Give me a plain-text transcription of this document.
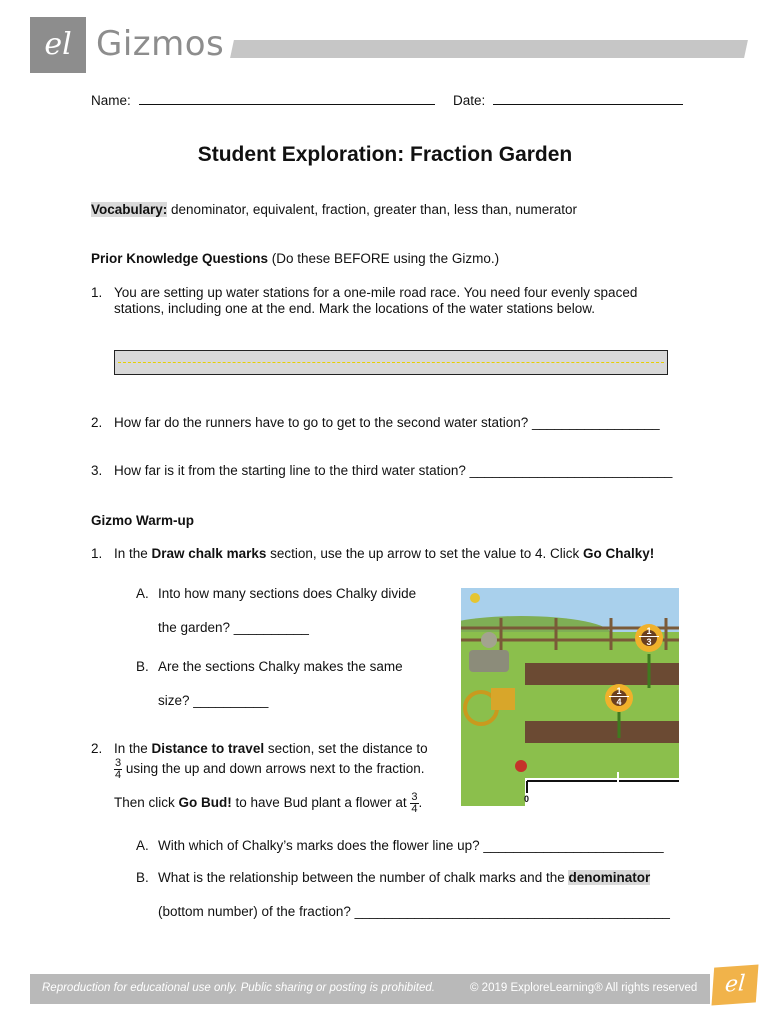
el Gizmos
Name:	Date:
Student Exploration: Fraction Garden
Vocabulary: denominator, equivalent, fraction, greater than, less than, numerator
Prior Knowledge Questions (Do these BEFORE using the Gizmo.)
1. You are setting up water stations for a one-mile road race. You need four evenly spaced
stations, including one at the end. Mark the locations of the water stations below.
2. How far do the runners have to go to get to the second water station? _________________
3. How far is it from the starting line to the third water station? ___________________________
Gizmo Warm-up
1. In the Draw chalk marks section, use the up arrow to set the value to 4. Click Go Chalky!
A. Into how many sections does Chalky divide
the garden? __________
B. Are the sections Chalky makes the same
size? __________
2. In the Distance to travel section, set the distance to
$\frac{3}{4}$ using the up and down arrows next to the fraction.
Then click Go Bud! to have Bud plant a flower at $\frac{3}{4}$.
A. With which of Chalky’s marks does the flower line up? ________________________
B. What is the relationship between the number of chalk marks and the denominator
(bottom number) of the fraction? __________________________________________
$\frac{1}{3}$
$\frac{1}{4}$
0
Reproduction for educational use only. Public sharing or posting is prohibited.	© 2019 ExploreLearning® All rights reserved	el
